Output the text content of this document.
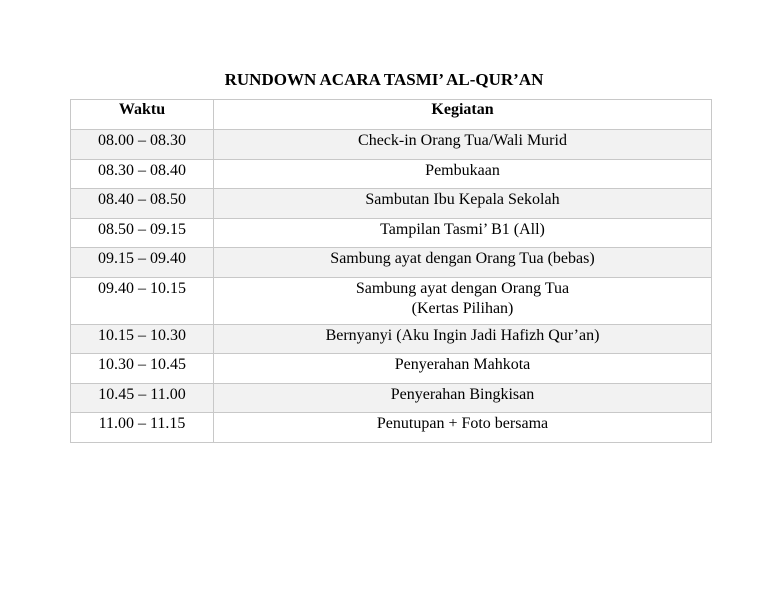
RUNDOWN ACARA TASMI’ AL-QUR’AN
Waktu	Kegiatan
08.00 – 08.30	Check-in Orang Tua/Wali Murid
08.30 – 08.40	Pembukaan
08.40 – 08.50	Sambutan Ibu Kepala Sekolah
08.50 – 09.15	Tampilan Tasmi’ B1 (All)
09.15 – 09.40	Sambung ayat dengan Orang Tua (bebas)
09.40 – 10.15	Sambung ayat dengan Orang Tua
(Kertas Pilihan)

10.15 – 10.30	Bernyanyi (Aku Ingin Jadi Hafizh Qur’an)
10.30 – 10.45	Penyerahan Mahkota
10.45 – 11.00	Penyerahan Bingkisan
11.00 – 11.15	Penutupan + Foto bersama
